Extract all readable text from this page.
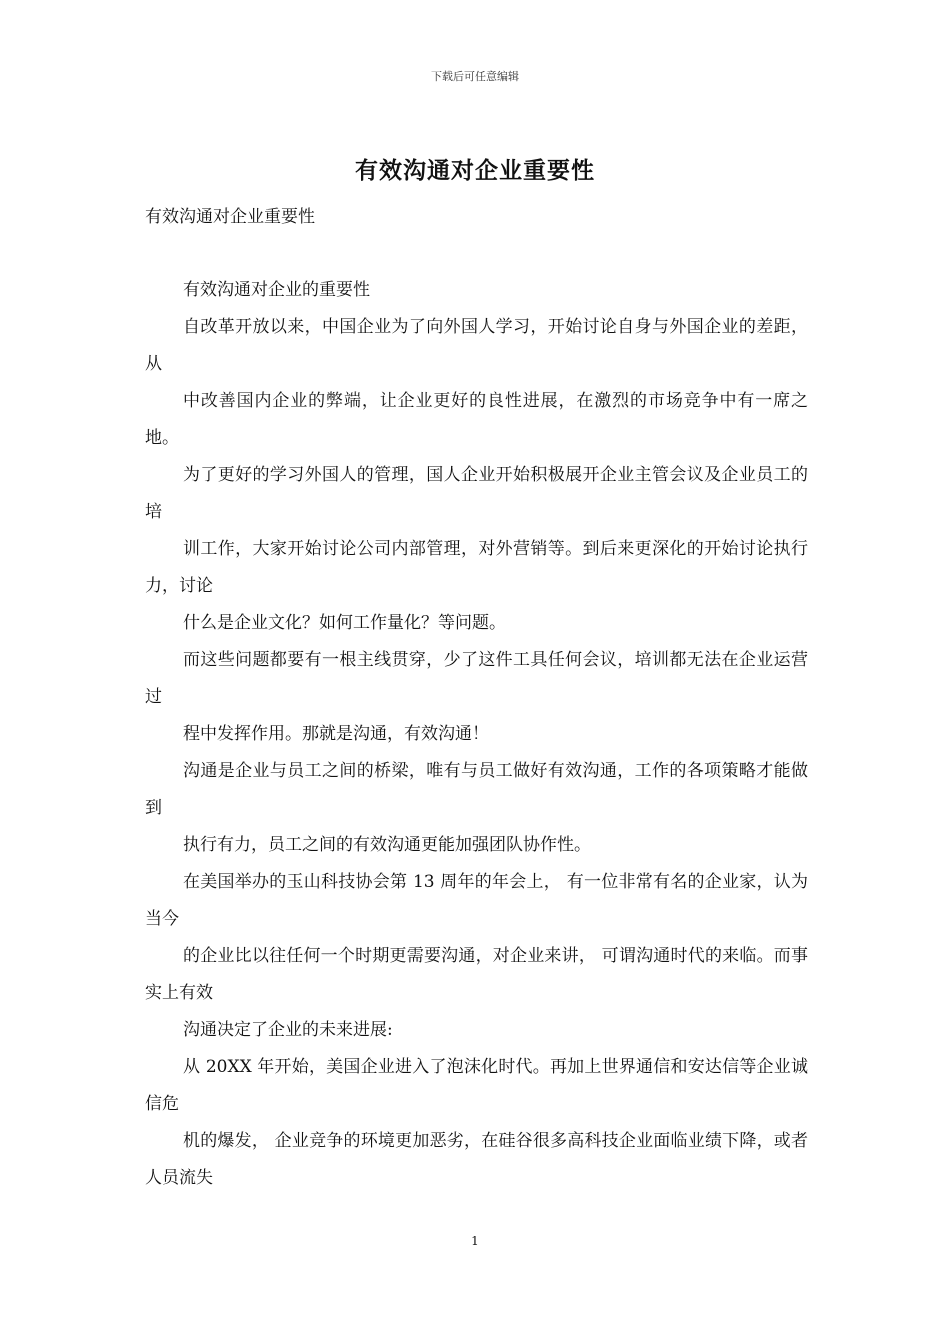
下载后可任意编辑
有效沟通对企业重要性
有效沟通对企业重要性

有效沟通对企业的重要性

自改革开放以来，中国企业为了向外国人学习，开始讨论自身与外国企业的差距，从

中改善国内企业的弊端，让企业更好的良性进展，在激烈的市场竞争中有一席之地。

为了更好的学习外国人的管理，国人企业开始积极展开企业主管会议及企业员工的培

训工作，大家开始讨论公司内部管理，对外营销等。到后来更深化的开始讨论执行力，讨论

什么是企业文化？如何工作量化？等问题。

而这些问题都要有一根主线贯穿，少了这件工具任何会议，培训都无法在企业运营过

程中发挥作用。那就是沟通，有效沟通！

沟通是企业与员工之间的桥梁，唯有与员工做好有效沟通，工作的各项策略才能做到

执行有力，员工之间的有效沟通更能加强团队协作性。

在美国举办的玉山科技协会第 13 周年的年会上， 有一位非常有名的企业家，认为当今

的企业比以往任何一个时期更需要沟通，对企业来讲， 可谓沟通时代的来临。而事实上有效

沟通决定了企业的未来进展:

从 20XX 年开始，美国企业进入了泡沫化时代。再加上世界通信和安达信等企业诚信危

机的爆发， 企业竞争的环境更加恶劣，在硅谷很多高科技企业面临业绩下降，或者人员流失

1
